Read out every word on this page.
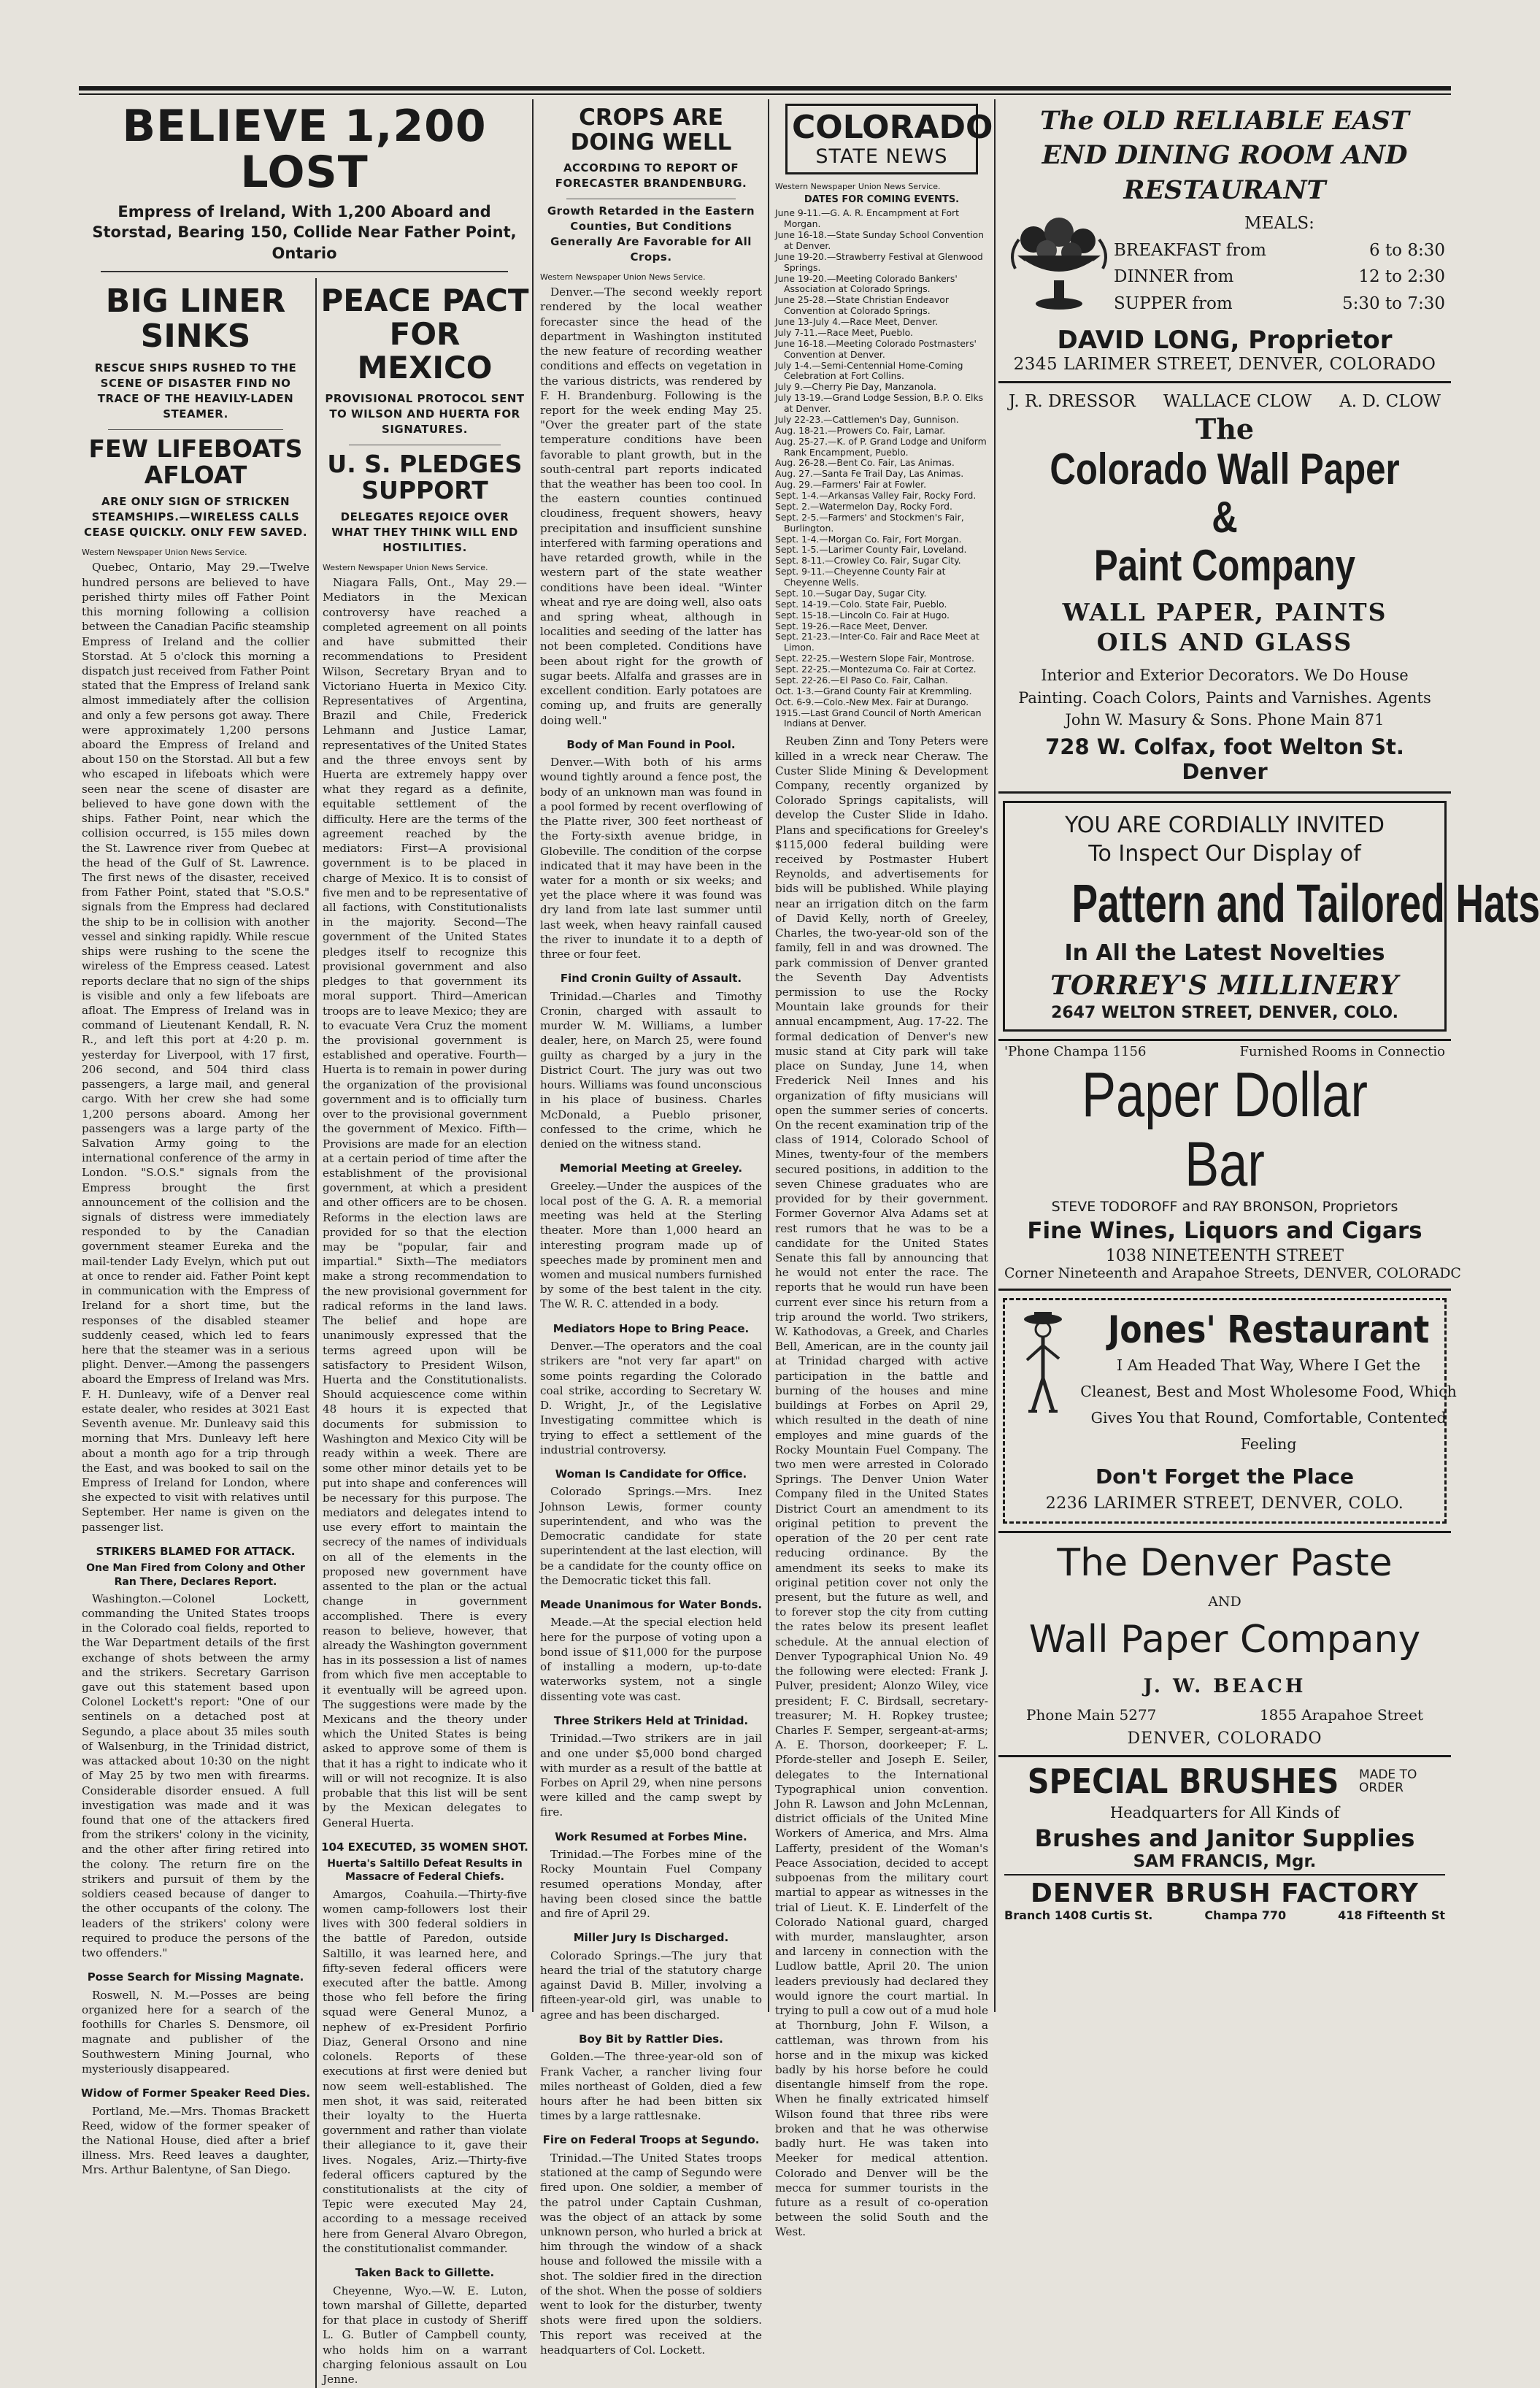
BELIEVE 1,200 LOST
Empress of Ireland, With 1,200 Aboard and Storstad, Bearing 150, Collide Near Father Point, Ontario
BIG LINER SINKS
RESCUE SHIPS RUSHED TO THE SCENE OF DISASTER FIND NO TRACE OF THE HEAVILY-LADEN STEAMER.
FEW LIFEBOATS AFLOAT
ARE ONLY SIGN OF STRICKEN STEAMSHIPS.—WIRELESS CALLS CEASE QUICKLY. ONLY FEW SAVED.
Western Newspaper Union News Service.

Quebec, Ontario, May 29.—Twelve hundred persons are believed to have perished thirty miles off Father Point this morning following a collision between the Canadian Pacific steamship Empress of Ireland and the collier Storstad. At 5 o'clock this morning a dispatch just received from Father Point stated that the Empress of Ireland sank almost immediately after the collision and only a few persons got away. There were approximately 1,200 persons aboard the Empress of Ireland and about 150 on the Storstad. All but a few who escaped in lifeboats which were seen near the scene of disaster are believed to have gone down with the ships. Father Point, near which the collision occurred, is 155 miles down the St. Lawrence river from Quebec at the head of the Gulf of St. Lawrence. The first news of the disaster, received from Father Point, stated that "S.O.S." signals from the Empress had declared the ship to be in collision with another vessel and sinking rapidly. While rescue ships were rushing to the scene the wireless of the Empress ceased. Latest reports declare that no sign of the ships is visible and only a few lifeboats are afloat. The Empress of Ireland was in command of Lieutenant Kendall, R. N. R., and left this port at 4:20 p. m. yesterday for Liverpool, with 17 first, 206 second, and 504 third class passengers, a large mail, and general cargo. With her crew she had some 1,200 persons aboard. Among her passengers was a large party of the Salvation Army going to the international conference of the army in London. "S.O.S." signals from the Empress brought the first announcement of the collision and the signals of distress were immediately responded to by the Canadian government steamer Eureka and the mail-tender Lady Evelyn, which put out at once to render aid. Father Point kept in communication with the Empress of Ireland for a short time, but the responses of the disabled steamer suddenly ceased, which led to fears here that the steamer was in a serious plight. Denver.—Among the passengers aboard the Empress of Ireland was Mrs. F. H. Dunleavy, wife of a Denver real estate dealer, who resides at 3021 East Seventh avenue. Mr. Dunleavy said this morning that Mrs. Dunleavy left here about a month ago for a trip through the East, and was booked to sail on the Empress of Ireland for London, where she expected to visit with relatives until September. Her name is given on the passenger list.

STRIKERS BLAMED FOR ATTACK.
One Man Fired from Colony and Other Ran There, Declares Report.

Washington.—Colonel Lockett, commanding the United States troops in the Colorado coal fields, reported to the War Department details of the first exchange of shots between the army and the strikers. Secretary Garrison gave out this statement based upon Colonel Lockett's report: "One of our sentinels on a detached post at Segundo, a place about 35 miles south of Walsenburg, in the Trinidad district, was attacked about 10:30 on the night of May 25 by two men with firearms. Considerable disorder ensued. A full investigation was made and it was found that one of the attackers fired from the strikers' colony in the vicinity, and the other after firing retired into the colony. The return fire on the strikers and pursuit of them by the soldiers ceased because of danger to the other occupants of the colony. The leaders of the strikers' colony were required to produce the persons of the two offenders."

Posse Search for Missing Magnate.

Roswell, N. M.—Posses are being organized here for a search of the foothills for Charles S. Densmore, oil magnate and publisher of the Southwestern Mining Journal, who mysteriously disappeared.

Widow of Former Speaker Reed Dies.

Portland, Me.—Mrs. Thomas Brackett Reed, widow of the former speaker of the National House, died after a brief illness. Mrs. Reed leaves a daughter, Mrs. Arthur Balentyne, of San Diego.

PEACE PACT FOR MEXICO
PROVISIONAL PROTOCOL SENT TO WILSON AND HUERTA FOR SIGNATURES.
U. S. PLEDGES SUPPORT
DELEGATES REJOICE OVER WHAT THEY THINK WILL END HOSTILITIES.
Western Newspaper Union News Service.

Niagara Falls, Ont., May 29.—Mediators in the Mexican controversy have reached a completed agreement on all points and have submitted their recommendations to President Wilson, Secretary Bryan and to Victoriano Huerta in Mexico City. Representatives of Argentina, Brazil and Chile, Frederick Lehmann and Justice Lamar, representatives of the United States and the three envoys sent by Huerta are extremely happy over what they regard as a definite, equitable settlement of the difficulty. Here are the terms of the agreement reached by the mediators: First—A provisional government is to be placed in charge of Mexico. It is to consist of five men and to be representative of all factions, with Constitutionalists in the majority. Second—The government of the United States pledges itself to recognize this provisional government and also pledges to that government its moral support. Third—American troops are to leave Mexico; they are to evacuate Vera Cruz the moment the provisional government is established and operative. Fourth—Huerta is to remain in power during the organization of the provisional government and is to officially turn over to the provisional government the government of Mexico. Fifth—Provisions are made for an election at a certain period of time after the establishment of the provisional government, at which a president and other officers are to be chosen. Reforms in the election laws are provided for so that the election may be "popular, fair and impartial." Sixth—The mediators make a strong recommendation to the new provisional government for radical reforms in the land laws. The belief and hope are unanimously expressed that the terms agreed upon will be satisfactory to President Wilson, Huerta and the Constitutionalists. Should acquiescence come within 48 hours it is expected that documents for submission to Washington and Mexico City will be ready within a week. There are some other minor details yet to be put into shape and conferences will be necessary for this purpose. The mediators and delegates intend to use every effort to maintain the secrecy of the names of individuals on all of the elements in the proposed new government have assented to the plan or the actual change in government accomplished. There is every reason to believe, however, that already the Washington government has in its possession a list of names from which five men acceptable to it eventually will be agreed upon. The suggestions were made by the Mexicans and the theory under which the United States is being asked to approve some of them is that it has a right to indicate who it will or will not recognize. It is also probable that this list will be sent by the Mexican delegates to General Huerta.

104 EXECUTED, 35 WOMEN SHOT.
Huerta's Saltillo Defeat Results in Massacre of Federal Chiefs.

Amargos, Coahuila.—Thirty-five women camp-followers lost their lives with 300 federal soldiers in the battle of Paredon, outside Saltillo, it was learned here, and fifty-seven federal officers were executed after the battle. Among those who fell before the firing squad were General Munoz, a nephew of ex-President Porfirio Diaz, General Orsono and nine colonels. Reports of these executions at first were denied but now seem well-established. The men shot, it was said, reiterated their loyalty to the Huerta government and rather than violate their allegiance to it, gave their lives. Nogales, Ariz.—Thirty-five federal officers captured by the constitutionalists at the city of Tepic were executed May 24, according to a message received here from General Alvaro Obregon, the constitutionalist commander.

Taken Back to Gillette.

Cheyenne, Wyo.—W. E. Luton, town marshal of Gillette, departed for that place in custody of Sheriff L. G. Butler of Campbell county, who holds him on a warrant charging felonious assault on Lou Jenne.

CROPS ARE DOING WELL
ACCORDING TO REPORT OF FORECASTER BRANDENBURG.
Growth Retarded in the Eastern Counties, But Conditions Generally Are Favorable for All Crops.
Western Newspaper Union News Service.

Denver.—The second weekly report rendered by the local weather forecaster since the head of the department in Washington instituted the new feature of recording weather conditions and effects on vegetation in the various districts, was rendered by F. H. Brandenburg. Following is the report for the week ending May 25. "Over the greater part of the state temperature conditions have been favorable to plant growth, but in the south-central part reports indicated that the weather has been too cool. In the eastern counties continued cloudiness, frequent showers, heavy precipitation and insufficient sunshine interfered with farming operations and have retarded growth, while in the western part of the state weather conditions have been ideal. "Winter wheat and rye are doing well, also oats and spring wheat, although in localities and seeding of the latter has not been completed. Conditions have been about right for the growth of sugar beets. Alfalfa and grasses are in excellent condition. Early potatoes are coming up, and fruits are generally doing well."

Body of Man Found in Pool.

Denver.—With both of his arms wound tightly around a fence post, the body of an unknown man was found in a pool formed by recent overflowing of the Platte river, 300 feet northeast of the Forty-sixth avenue bridge, in Globeville. The condition of the corpse indicated that it may have been in the water for a month or six weeks; and yet the place where it was found was dry land from late last summer until last week, when heavy rainfall caused the river to inundate it to a depth of three or four feet.

Find Cronin Guilty of Assault.

Trinidad.—Charles and Timothy Cronin, charged with assault to murder W. M. Williams, a lumber dealer, here, on March 25, were found guilty as charged by a jury in the District Court. The jury was out two hours. Williams was found unconscious in his place of business. Charles McDonald, a Pueblo prisoner, confessed to the crime, which he denied on the witness stand.

Memorial Meeting at Greeley.

Greeley.—Under the auspices of the local post of the G. A. R. a memorial meeting was held at the Sterling theater. More than 1,000 heard an interesting program made up of speeches made by prominent men and women and musical numbers furnished by some of the best talent in the city. The W. R. C. attended in a body.

Mediators Hope to Bring Peace.

Denver.—The operators and the coal strikers are "not very far apart" on some points regarding the Colorado coal strike, according to Secretary W. D. Wright, Jr., of the Legislative Investigating committee which is trying to effect a settlement of the industrial controversy.

Woman Is Candidate for Office.

Colorado Springs.—Mrs. Inez Johnson Lewis, former county superintendent, and who was the Democratic candidate for state superintendent at the last election, will be a candidate for the county office on the Democratic ticket this fall.

Meade Unanimous for Water Bonds.

Meade.—At the special election held here for the purpose of voting upon a bond issue of $11,000 for the purpose of installing a modern, up-to-date waterworks system, not a single dissenting vote was cast.

Three Strikers Held at Trinidad.

Trinidad.—Two strikers are in jail and one under $5,000 bond charged with murder as a result of the battle at Forbes on April 29, when nine persons were killed and the camp swept by fire.

Work Resumed at Forbes Mine.

Trinidad.—The Forbes mine of the Rocky Mountain Fuel Company resumed operations Monday, after having been closed since the battle and fire of April 29.

Miller Jury Is Discharged.

Colorado Springs.—The jury that heard the trial of the statutory charge against David B. Miller, involving a fifteen-year-old girl, was unable to agree and has been discharged.

Boy Bit by Rattler Dies.

Golden.—The three-year-old son of Frank Vacher, a rancher living four miles northeast of Golden, died a few hours after he had been bitten six times by a large rattlesnake.

Fire on Federal Troops at Segundo.

Trinidad.—The United States troops stationed at the camp of Segundo were fired upon. One soldier, a member of the patrol under Captain Cushman, was the object of an attack by some unknown person, who hurled a brick at him through the window of a shack house and followed the missile with a shot. The soldier fired in the direction of the shot. When the posse of soldiers went to look for the disturber, twenty shots were fired upon the soldiers. This report was received at the headquarters of Col. Lockett.

COLORADO
STATE NEWS
Western Newspaper Union News Service.
DATES FOR COMING EVENTS.
June 9-11.—G. A. R. Encampment at Fort Morgan.
June 16-18.—State Sunday School Convention at Denver.
June 19-20.—Strawberry Festival at Glenwood Springs.
June 19-20.—Meeting Colorado Bankers' Association at Colorado Springs.
June 25-28.—State Christian Endeavor Convention at Colorado Springs.
June 13-July 4.—Race Meet, Denver.
July 7-11.—Race Meet, Pueblo.
June 16-18.—Meeting Colorado Postmasters' Convention at Denver.
July 1-4.—Semi-Centennial Home-Coming Celebration at Fort Collins.
July 9.—Cherry Pie Day, Manzanola.
July 13-19.—Grand Lodge Session, B.P. O. Elks at Denver.
July 22-23.—Cattlemen's Day, Gunnison.
Aug. 18-21.—Prowers Co. Fair, Lamar.
Aug. 25-27.—K. of P. Grand Lodge and Uniform Rank Encampment, Pueblo.
Aug. 26-28.—Bent Co. Fair, Las Animas.
Aug. 27.—Santa Fe Trail Day, Las Animas.
Aug. 29.—Farmers' Fair at Fowler.
Sept. 1-4.—Arkansas Valley Fair, Rocky Ford.
Sept. 2.—Watermelon Day, Rocky Ford.
Sept. 2-5.—Farmers' and Stockmen's Fair, Burlington.
Sept. 1-4.—Morgan Co. Fair, Fort Morgan.
Sept. 1-5.—Larimer County Fair, Loveland.
Sept. 8-11.—Crowley Co. Fair, Sugar City.
Sept. 9-11.—Cheyenne County Fair at Cheyenne Wells.
Sept. 10.—Sugar Day, Sugar City.
Sept. 14-19.—Colo. State Fair, Pueblo.
Sept. 15-18.—Lincoln Co. Fair at Hugo.
Sept. 19-26.—Race Meet, Denver.
Sept. 21-23.—Inter-Co. Fair and Race Meet at Limon.
Sept. 22-25.—Western Slope Fair, Montrose.
Sept. 22-25.—Montezuma Co. Fair at Cortez.
Sept. 22-26.—El Paso Co. Fair, Calhan.
Oct. 1-3.—Grand County Fair at Kremmling.
Oct. 6-9.—Colo.-New Mex. Fair at Durango.
1915.—Last Grand Council of North American Indians at Denver.

Reuben Zinn and Tony Peters were killed in a wreck near Cheraw. The Custer Slide Mining & Development Company, recently organized by Colorado Springs capitalists, will develop the Custer Slide in Idaho. Plans and specifications for Greeley's $115,000 federal building were received by Postmaster Hubert Reynolds, and advertisements for bids will be published. While playing near an irrigation ditch on the farm of David Kelly, north of Greeley, Charles, the two-year-old son of the family, fell in and was drowned. The park commission of Denver granted the Seventh Day Adventists permission to use the Rocky Mountain lake grounds for their annual encampment, Aug. 17-22. The formal dedication of Denver's new music stand at City park will take place on Sunday, June 14, when Frederick Neil Innes and his organization of fifty musicians will open the summer series of concerts. On the recent examination trip of the class of 1914, Colorado School of Mines, twenty-four of the members secured positions, in addition to the seven Chinese graduates who are provided for by their government. Former Governor Alva Adams set at rest rumors that he was to be a candidate for the United States Senate this fall by announcing that he would not enter the race. The reports that he would run have been current ever since his return from a trip around the world. Two strikers, W. Kathodovas, a Greek, and Charles Bell, American, are in the county jail at Trinidad charged with active participation in the battle and burning of the houses and mine buildings at Forbes on April 29, which resulted in the death of nine employes and mine guards of the Rocky Mountain Fuel Company. The two men were arrested in Colorado Springs. The Denver Union Water Company filed in the United States District Court an amendment to its original petition to prevent the operation of the 20 per cent rate reducing ordinance. By the amendment its seeks to make its original petition cover not only the present, but the future as well, and to forever stop the city from cutting the rates below its present leaflet schedule. At the annual election of Denver Typographical Union No. 49 the following were elected: Frank J. Pulver, president; Alonzo Wiley, vice president; F. C. Birdsall, secretary-treasurer; M. H. Ropkey trustee; Charles F. Semper, sergeant-at-arms; A. E. Thorson, doorkeeper; F. L. Pforde-steller and Joseph E. Seiler, delegates to the International Typographical union convention. John R. Lawson and John McLennan, district officials of the United Mine Workers of America, and Mrs. Alma Lafferty, president of the Woman's Peace Association, decided to accept subpoenas from the military court martial to appear as witnesses in the trial of Lieut. K. E. Linderfelt of the Colorado National guard, charged with murder, manslaughter, arson and larceny in connection with the Ludlow battle, April 20. The union leaders previously had declared they would ignore the court martial. In trying to pull a cow out of a mud hole at Thornburg, John F. Wilson, a cattleman, was thrown from his horse and in the mixup was kicked badly by his horse before he could disentangle himself from the rope. When he finally extricated himself Wilson found that three ribs were broken and that he was otherwise badly hurt. He was taken into Meeker for medical attention. Colorado and Denver will be the mecca for summer tourists in the future as a result of co-operation between the solid South and the West.

The OLD RELIABLE EAST END DINING ROOM AND RESTAURANT
MEALS:
BREAKFAST from	6 to 8:30
DINNER from	12 to 2:30
SUPPER from	5:30 to 7:30
DAVID LONG, Proprietor
2345 LARIMER STREET, DENVER, COLORADO
J. R. DRESSOR WALLACE CLOW A. D. CLOW
The
Colorado Wall Paper &
Paint Company
WALL PAPER, PAINTS
OILS AND GLASS
Interior and Exterior Decorators. We Do House Painting. Coach Colors, Paints and Varnishes. Agents John W. Masury & Sons. Phone Main 871
728 W. Colfax, foot Welton St. Denver
YOU ARE CORDIALLY INVITED
To Inspect Our Display of
Pattern and Tailored Hats
In All the Latest Novelties
TORREY'S MILLINERY
2647 WELTON STREET, DENVER, COLO.
'Phone Champa 1156	Furnished Rooms in Connectio
Paper Dollar Bar
STEVE TODOROFF and RAY BRONSON, Proprietors
Fine Wines, Liquors and Cigars
1038 NINETEENTH STREET
Corner Nineteenth and Arapahoe Streets, DENVER, COLORADC
Jones' Restaurant
I Am Headed That Way, Where I Get the Cleanest, Best and Most Wholesome Food, Which Gives You that Round, Comfortable, Contented Feeling
Don't Forget the Place
2236 LARIMER STREET, DENVER, COLO.
The Denver Paste
AND
Wall Paper Company
J. W. BEACH
Phone Main 5277	1855 Arapahoe Street
DENVER, COLORADO
SPECIAL BRUSHES MADE TO ORDER
Headquarters for All Kinds of
Brushes and Janitor Supplies
SAM FRANCIS, Mgr.
DENVER BRUSH FACTORY
Branch 1408 Curtis St.	Champa 770	418 Fifteenth St
